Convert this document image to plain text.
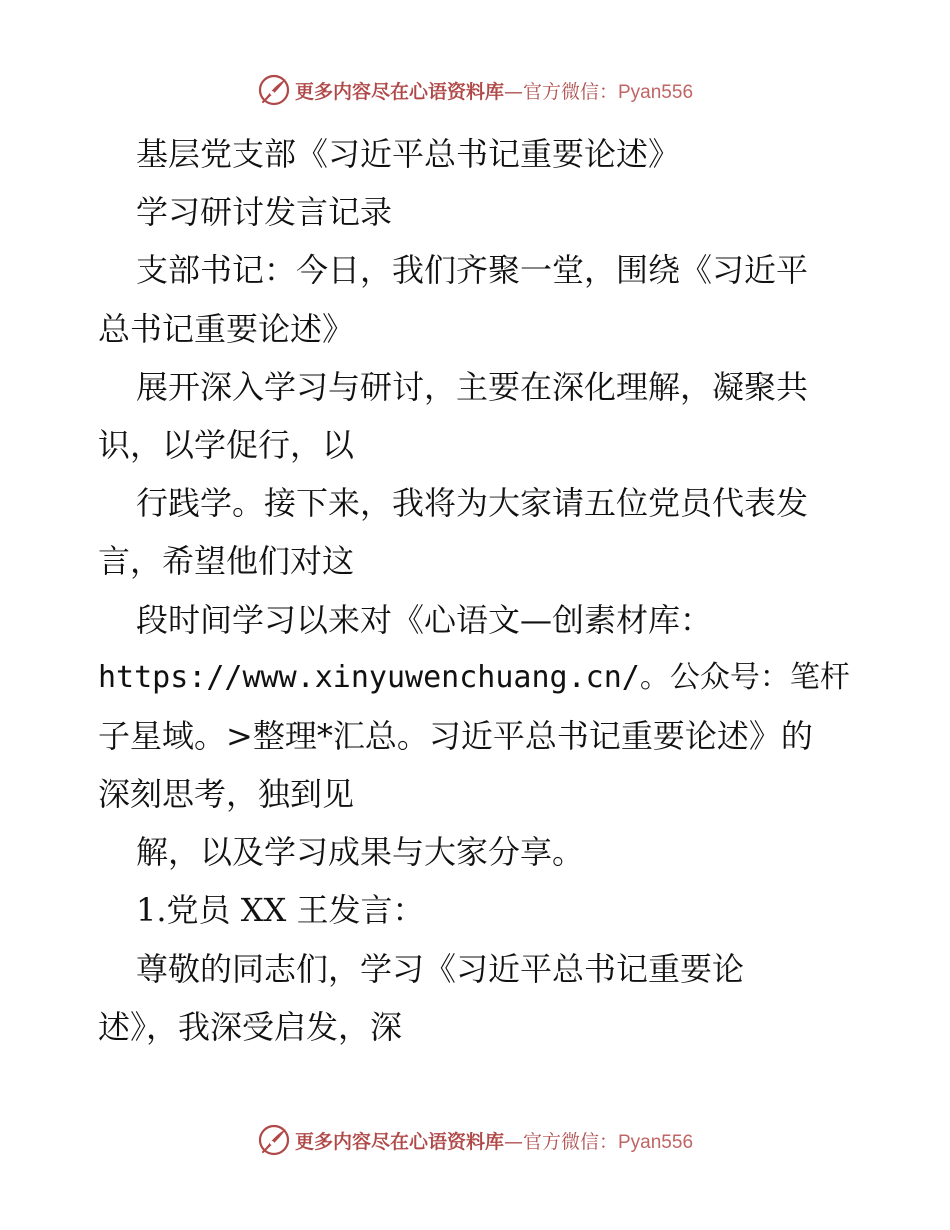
更多内容尽在心语资料库—官方微信：Pyan556
基层党支部《习近平总书记重要论述》
学习研讨发言记录
支部书记：今日，我们齐聚一堂，围绕《习近平
总书记重要论述》
展开深入学习与研讨，主要在深化理解，凝聚共
识，以学促行，以
行践学。接下来，我将为大家请五位党员代表发
言，希望他们对这
段时间学习以来对《心语文—创素材库：
https://www.xinyuwenchuang.cn/。公众号：笔杆
子星域。>整理*汇总。习近平总书记重要论述》的
深刻思考，独到见
解，以及学习成果与大家分享。
1.党员 XX 王发言：
尊敬的同志们，学习《习近平总书记重要论
述》，我深受启发，深
更多内容尽在心语资料库—官方微信：Pyan556
